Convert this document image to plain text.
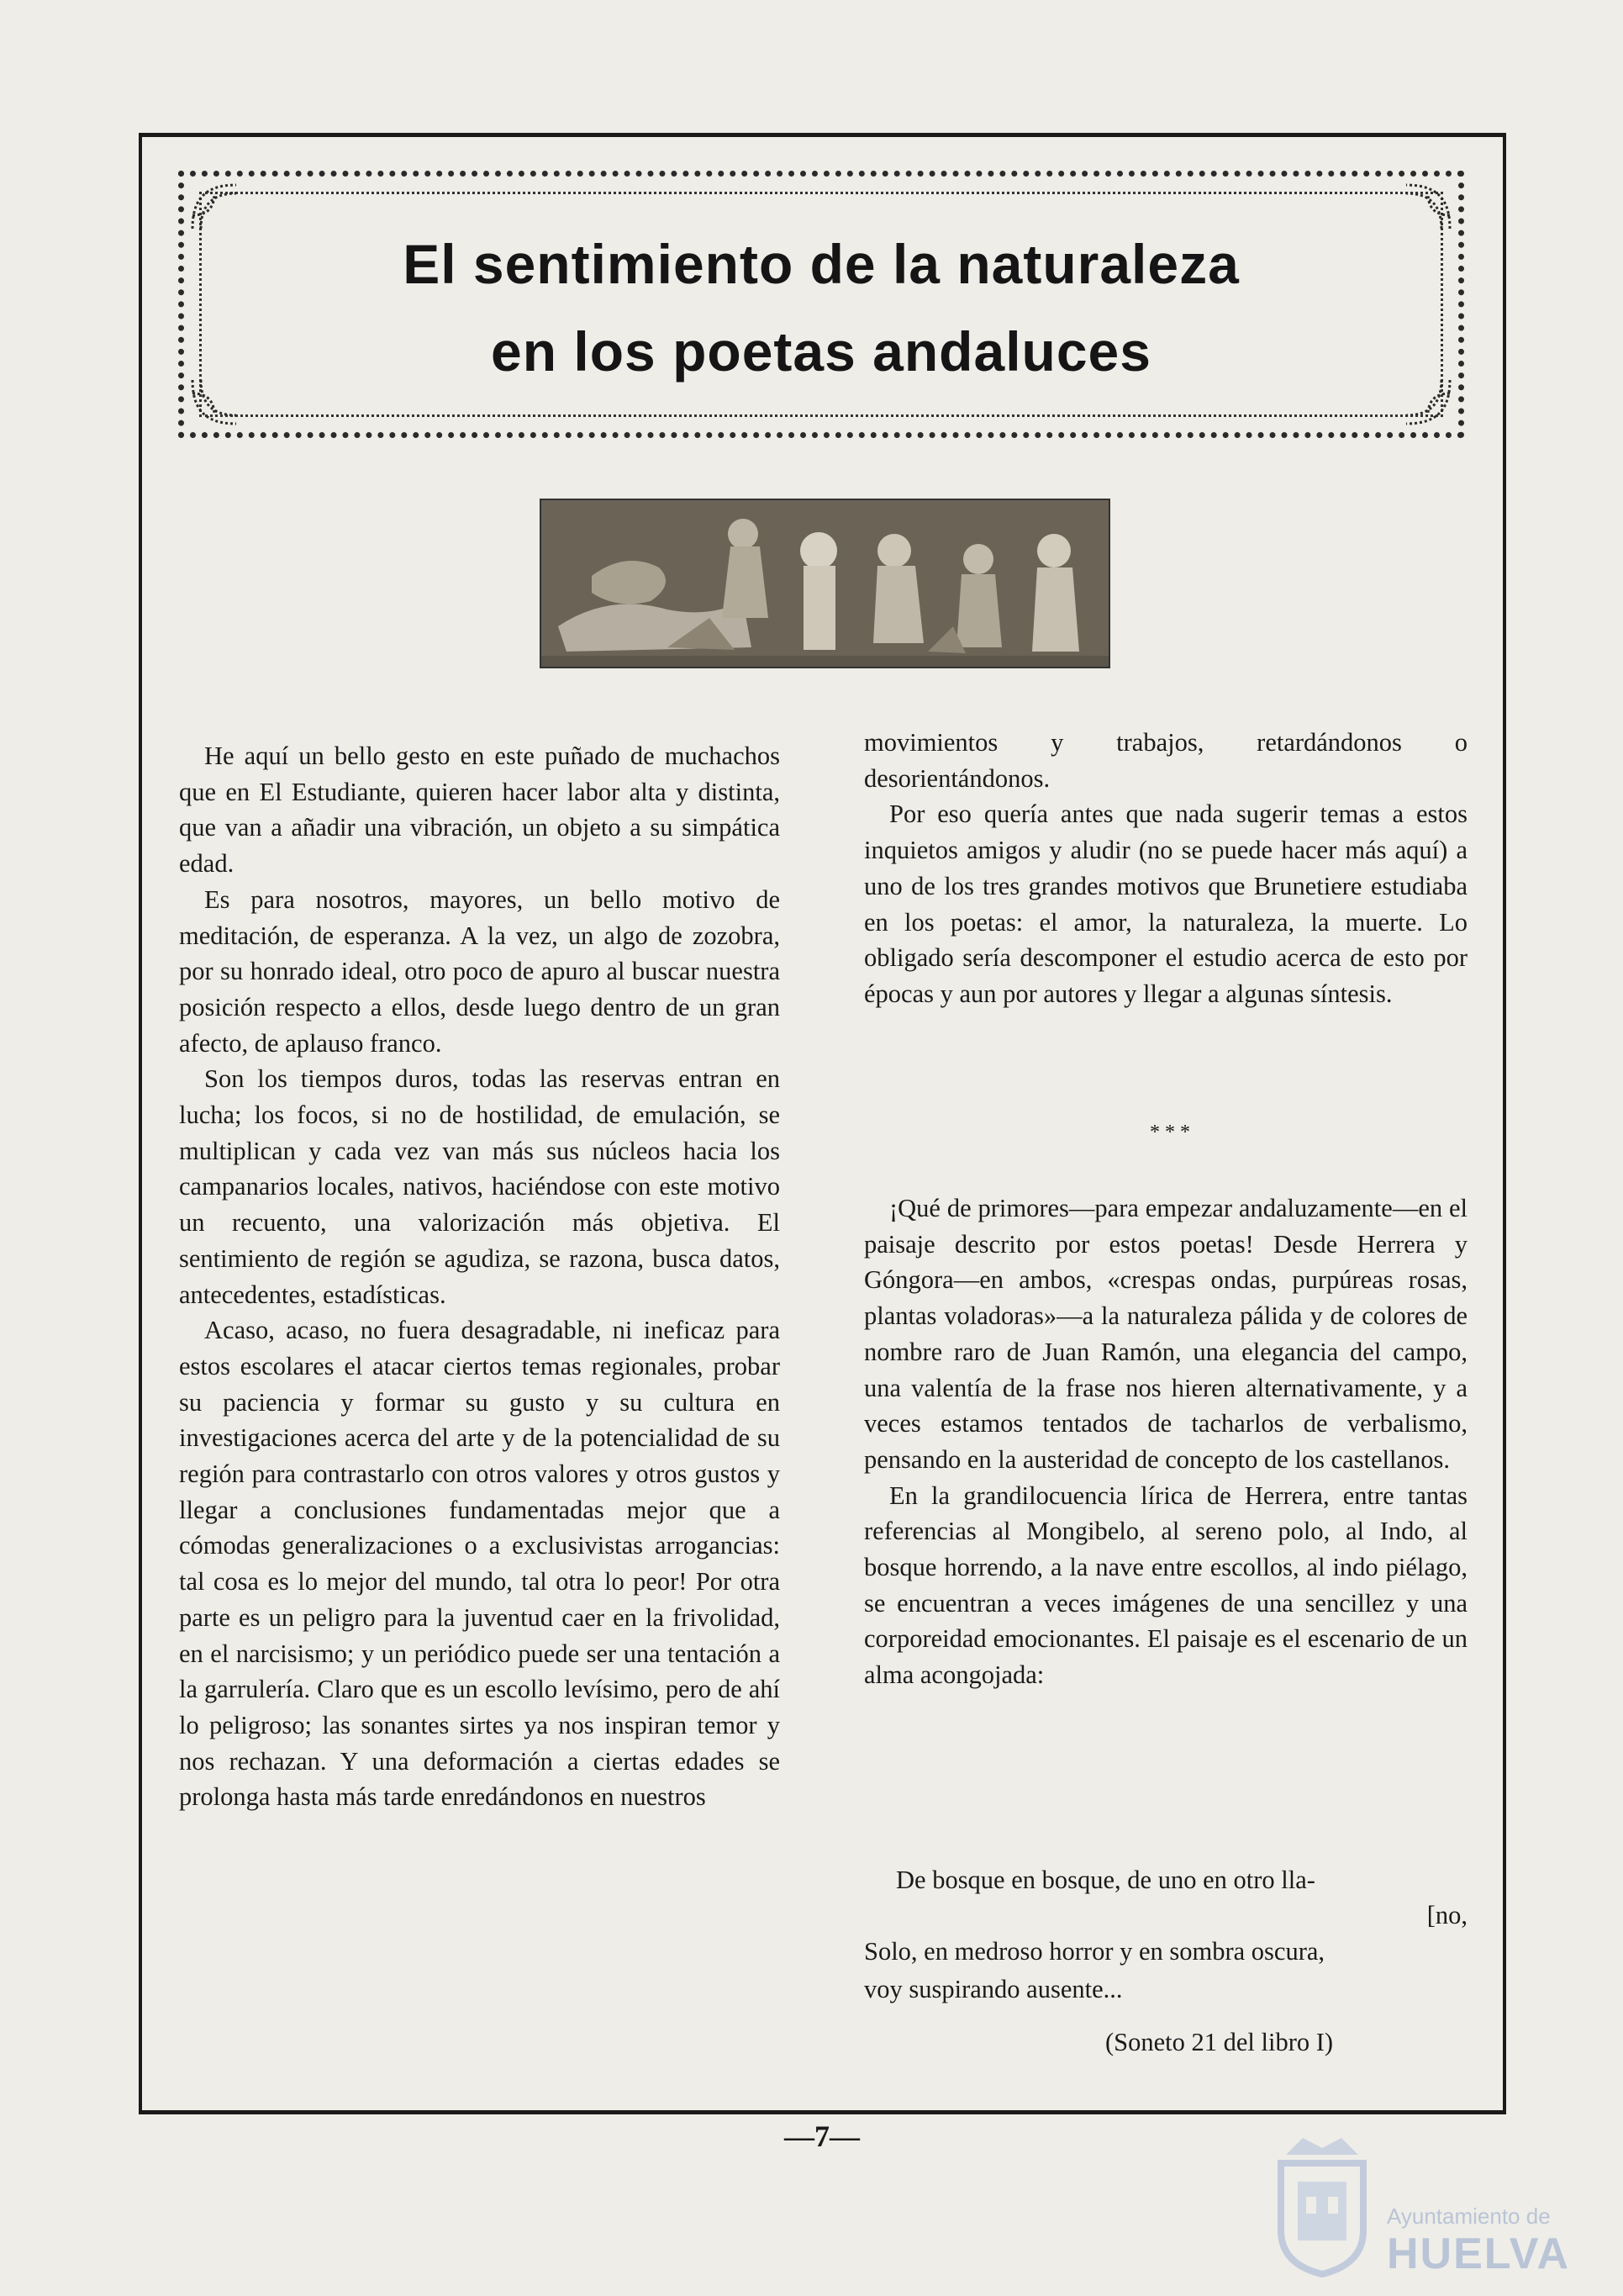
El sentimiento de la naturaleza
en los poetas andaluces

He aquí un bello gesto en este puñado de muchachos que en El Estudiante, quieren hacer labor alta y distinta, que van a añadir una vibración, un objeto a su simpática edad.

Es para nosotros, mayores, un bello motivo de meditación, de esperanza. A la vez, un algo de zozobra, por su honrado ideal, otro poco de apuro al buscar nuestra posición respecto a ellos, desde luego dentro de un gran afecto, de aplauso franco.

Son los tiempos duros, todas las reservas entran en lucha; los focos, si no de hostilidad, de emulación, se multiplican y cada vez van más sus núcleos hacia los campanarios locales, nativos, haciéndose con este motivo un recuento, una valorización más objetiva. El sentimiento de región se agudiza, se razona, busca datos, antecedentes, estadísticas.

Acaso, acaso, no fuera desagradable, ni ineficaz para estos escolares el atacar ciertos temas regionales, probar su paciencia y formar su gusto y su cultura en investigaciones acerca del arte y de la potencialidad de su región para contrastarlo con otros valores y otros gustos y llegar a conclusiones fundamentadas mejor que a cómodas generalizaciones o a exclusivistas arrogancias: tal cosa es lo mejor del mundo, tal otra lo peor! Por otra parte es un peligro para la juventud caer en la frivolidad, en el narcisismo; y un periódico puede ser una tentación a la garrulería. Claro que es un escollo levísimo, pero de ahí lo peligroso; las sonantes sirtes ya nos inspiran temor y nos rechazan. Y una deformación a ciertas edades se prolonga hasta más tarde enredándonos en nuestros

movimientos y trabajos, retardándonos o desorientándonos.

Por eso quería antes que nada sugerir temas a estos inquietos amigos y aludir (no se puede hacer más aquí) a uno de los tres grandes motivos que Brunetiere estudiaba en los poetas: el amor, la naturaleza, la muerte. Lo obligado sería descomponer el estudio acerca de esto por épocas y aun por autores y llegar a algunas síntesis.

* * *

¡Qué de primores—para empezar andaluzamente—en el paisaje descrito por estos poetas! Desde Herrera y Góngora—en ambos, «crespas ondas, purpúreas rosas, plantas voladoras»—a la naturaleza pálida y de colores de nombre raro de Juan Ramón, una elegancia del campo, una valentía de la frase nos hieren alternativamente, y a veces estamos tentados de tacharlos de verbalismo, pensando en la austeridad de concepto de los castellanos.

En la grandilocuencia lírica de Herrera, entre tantas referencias al Mongibelo, al sereno polo, al Indo, al bosque horrendo, a la nave entre escollos, al indo piélago, se encuentran a veces imágenes de una sencillez y una corporeidad emocionantes. El paisaje es el escenario de un alma acongojada:

De bosque en bosque, de uno en otro lla-
[no,
Solo, en medroso horror y en sombra oscura,
voy suspirando ausente...
(Soneto 21 del libro I)
—7—
Ayuntamiento de
HUELVA
